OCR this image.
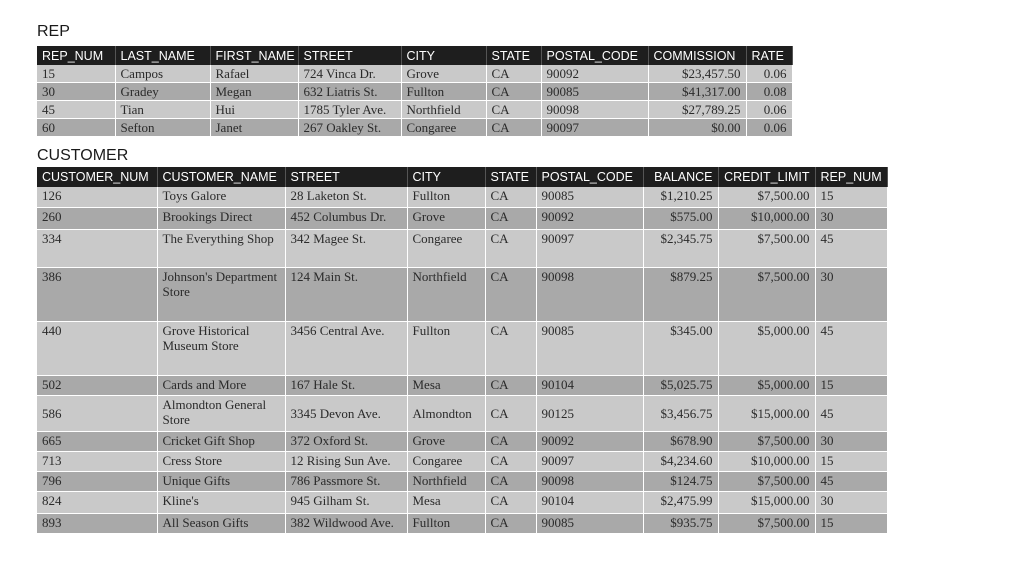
REP
REP_NUM	LAST_NAME	FIRST_NAME	STREET	CITY	STATE	POSTAL_CODE	COMMISSION	RATE
15	Campos	Rafael	724 Vinca Dr.	Grove	CA	90092	$23,457.50	0.06
30	Gradey	Megan	632 Liatris St.	Fullton	CA	90085	$41,317.00	0.08
45	Tian	Hui	1785 Tyler Ave.	Northfield	CA	90098	$27,789.25	0.06
60	Sefton	Janet	267 Oakley St.	Congaree	CA	90097	$0.00	0.06
CUSTOMER
CUSTOMER_NUM	CUSTOMER_NAME	STREET	CITY	STATE	POSTAL_CODE	BALANCE	CREDIT_LIMIT	REP_NUM
126	Toys Galore	28 Laketon St.	Fullton	CA	90085	$1,210.25	$7,500.00	15
260	Brookings Direct	452 Columbus Dr.	Grove	CA	90092	$575.00	$10,000.00	30
334	The Everything Shop	342 Magee St.	Congaree	CA	90097	$2,345.75	$7,500.00	45
386	Johnson's Department Store	124 Main St.	Northfield	CA	90098	$879.25	$7,500.00	30
440	Grove Historical Museum Store	3456 Central Ave.	Fullton	CA	90085	$345.00	$5,000.00	45
502	Cards and More	167 Hale St.	Mesa	CA	90104	$5,025.75	$5,000.00	15
586	Almondton General Store	3345 Devon Ave.	Almondton	CA	90125	$3,456.75	$15,000.00	45
665	Cricket Gift Shop	372 Oxford St.	Grove	CA	90092	$678.90	$7,500.00	30
713	Cress Store	12 Rising Sun Ave.	Congaree	CA	90097	$4,234.60	$10,000.00	15
796	Unique Gifts	786 Passmore St.	Northfield	CA	90098	$124.75	$7,500.00	45
824	Kline's	945 Gilham St.	Mesa	CA	90104	$2,475.99	$15,000.00	30
893	All Season Gifts	382 Wildwood Ave.	Fullton	CA	90085	$935.75	$7,500.00	15
